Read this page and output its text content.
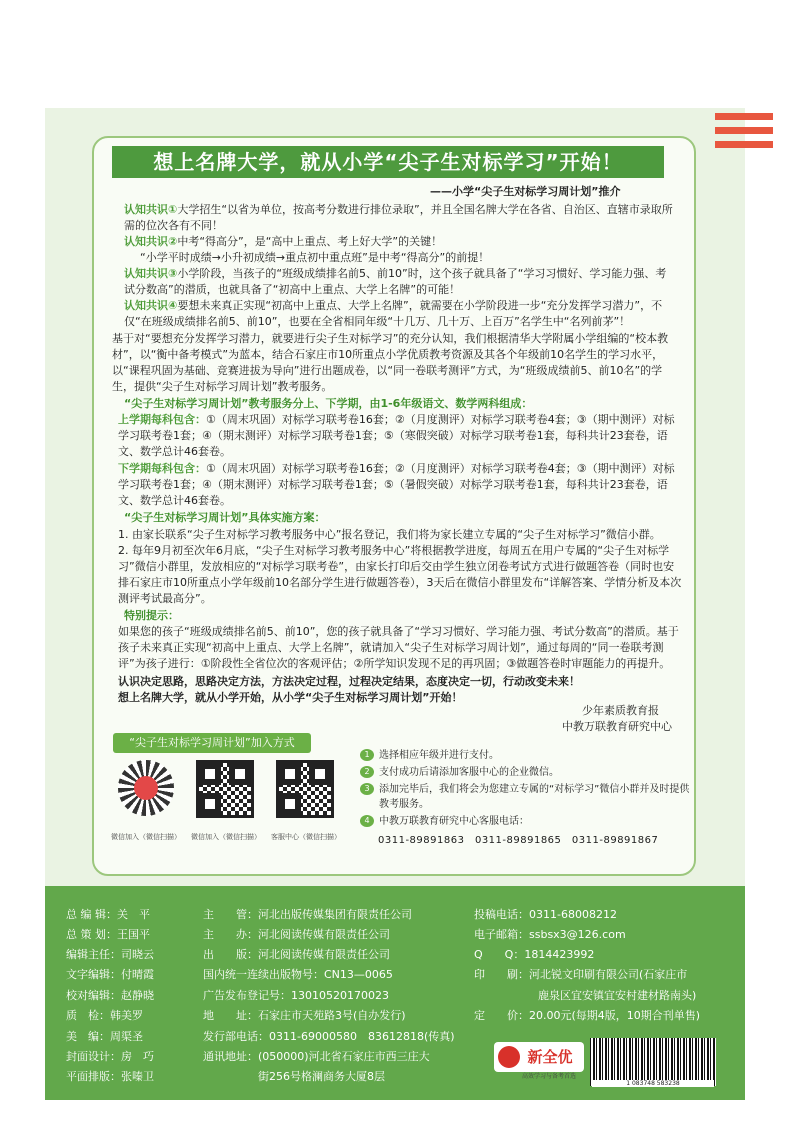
想上名牌大学，就从小学“尖子生对标学习”开始！
——小学“尖子生对标学习周计划”推介
认知共识①大学招生“以省为单位，按高考分数进行排位录取”，并且全国名牌大学在各省、自治区、直辖市录取所需的位次各有不同！
认知共识②中考“得高分”，是“高中上重点、考上好大学”的关键！
“小学平时成绩→小升初成绩→重点初中重点班”是中考“得高分”的前提！
认知共识③小学阶段，当孩子的“班级成绩排名前5、前10”时，这个孩子就具备了“学习习惯好、学习能力强、考试分数高”的潜质，也就具备了“初高中上重点、大学上名牌”的可能！
认知共识④要想未来真正实现“初高中上重点、大学上名牌”，就需要在小学阶段进一步“充分发挥学习潜力”，不仅“在班级成绩排名前5、前10”，也要在全省相同年级“十几万、几十万、上百万”名学生中“名列前茅”！
基于对“要想充分发挥学习潜力，就要进行尖子生对标学习”的充分认知，我们根据清华大学附属小学组编的“校本教材”，以“衡中备考模式”为蓝本，结合石家庄市10所重点小学优质教考资源及其各个年级前10名学生的学习水平，以“课程巩固为基础、竞赛进拔为导向”进行出题成卷，以“同一卷联考测评”方式，为“班级成绩前5、前10名”的学生，提供“尖子生对标学习周计划”教考服务。
“尖子生对标学习周计划”教考服务分上、下学期，由1-6年级语文、数学两科组成：
上学期每科包含：①（周末巩固）对标学习联考卷16套；②（月度测评）对标学习联考卷4套；③（期中测评）对标学习联考卷1套；④（期末测评）对标学习联考卷1套；⑤（寒假突破）对标学习联考卷1套，每科共计23套卷，语文、数学总计46套卷。
下学期每科包含：①（周末巩固）对标学习联考卷16套；②（月度测评）对标学习联考卷4套；③（期中测评）对标学习联考卷1套；④（期末测评）对标学习联考卷1套；⑤（暑假突破）对标学习联考卷1套，每科共计23套卷，语文、数学总计46套卷。
“尖子生对标学习周计划”具体实施方案：
1. 由家长联系“尖子生对标学习教考服务中心”报名登记，我们将为家长建立专属的“尖子生对标学习”微信小群。
2. 每年9月初至次年6月底，“尖子生对标学习教考服务中心”将根据教学进度，每周五在用户专属的“尖子生对标学习”微信小群里，发放相应的“对标学习联考卷”，由家长打印后交由学生独立闭卷考试方式进行做题答卷（同时也安排石家庄市10所重点小学年级前10名部分学生进行做题答卷），3天后在微信小群里发布“详解答案、学情分析及本次测评考试最高分”。
特别提示：
如果您的孩子“班级成绩排名前5、前10”，您的孩子就具备了“学习习惯好、学习能力强、考试分数高”的潜质。基于孩子未来真正实现“初高中上重点、大学上名牌”，就请加入“尖子生对标学习周计划”，通过每周的“同一卷联考测评”为孩子进行：①阶段性全省位次的客观评估；②所学知识发现不足的再巩固；③做题答卷时审题能力的再提升。
认识决定思路，思路决定方法，方法决定过程，过程决定结果，态度决定一切，行动改变未来！
想上名牌大学，就从小学开始，从小学“尖子生对标学习周计划”开始！
少年素质教育报
中教万联教育研究中心
“尖子生对标学习周计划”加入方式
微信加入（微信扫描）	微信加入（微信扫描）	客服中心（微信扫描）
1 选择相应年级并进行支付。
2 支付成功后请添加客服中心的企业微信。
3 添加完毕后，我们将会为您建立专属的“对标学习”微信小群并及时提供教考服务。
4 中教万联教育研究中心客服电话：
0311-89891863　0311-89891865　0311-89891867
总 编 辑：关　平
总 策 划：王国平
编辑主任：司晓云
文字编辑：付晴霞
校对编辑：赵静晓
质　检：韩美罗
美　编：周渠圣
封面设计：房　巧
平面排版：张嗪卫
主　　管：河北出版传媒集团有限责任公司
主　　办：河北阅读传媒有限责任公司
出　　版：河北阅读传媒有限责任公司
国内统一连续出版物号：CN13—0065
广告发布登记号：13010520170023
地　　址：石家庄市天苑路3号(自办发行)
发行部电话：0311-69000580　83612818(传真)
通讯地址：(050000)河北省石家庄市西三庄大
街256号格澜商务大厦8层
投稿电话：0311-68008212
电子邮箱：ssbsx3@126.com
Q　　Q：1814423992
印　　刷：河北锐文印刷有限公司(石家庄市
鹿泉区宜安镇宜安村建材路南头)
定　　价：20.00元(每期4版，10期合刊单售)
新全优
高效学习与备考首选
1 083748 583238
